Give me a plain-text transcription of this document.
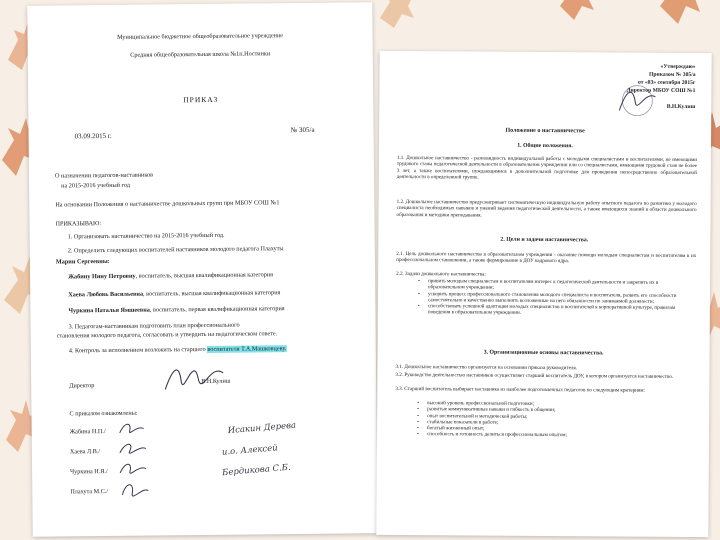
Муниципальное бюджетное общеобразовательное учреждение
Средняя общеобразовательная школа №1п.Ностинки
ПРИКАЗ
03.09.2015 г.
№ 305/а
О назначении педагогов-наставников
на 2015-2016 учебный год
На основании Положения о наставничестве дошкольных групп при МБОУ СОШ №1
ПРИКАЗЫВАЮ:
1. Организовать наставничество на 2015-2016 учебный год.
2. Определить следующих воспитателей наставников молодого педагога Плахуты
Марии Сергеевны:
Жабину Нину Петровну, воспитатель, высшая квалификационная категория
Хаева Любовь Васильевна, воспитатель, высшая квалификационная категория
Чуркина Наталья Ямшеевна, воспитатель, первая квалификационная категория
3. Педагогам-наставникам подготовить план профессионального
становления молодого педагога, согласовать и утвердить на педагогическом совете.
4. Контроль за исполнением возложить на старшего воспитателя Т.А.Машковцеву.
Директор
В.Н.Кулиш
С приказом ознакомлены:
Жабина Н.П./
Хаева Л.В./
Чуркина Н.Я./
Плахута М.С./
Исакин Дерева
и.о. Алексей
Бердикова С.Б.
«Утверждаю»
Приказом № 305/а
от «03» сентября 2015г
Директор МБОУ СОШ №1
В.Н.Кулиш
Положение о наставничестве
1. Общие положения.
1.1. Дошкольное наставничество - разновидность индивидуальной работы с молодыми специалистами и воспитателями, не имеющими трудового стажа педагогической деятельности в образовательном учреждении или со специалистами, имеющими трудовой стаж не более 3 лет, а также воспитателями, нуждающимися в дополнительной подготовке для проведения непосредственно образовательной деятельности в определенной группе.
1.2. Дошкольное наставничество предусматривает систематическую индивидуальную работу опытного педагога по развитию у молодого специалиста необходимых навыков и умений ведения педагогической деятельности, а также имеющихся знаний в области дошкольного образования и методики преподавания.
2. Цели и задачи наставничества.
2.1. Цель дошкольного наставничества в образовательном учреждении - оказание помощи молодым специалистам и воспитателям в их профессиональном становлении, а также формирование в ДОУ кадрового ядра.
2.2. Задачи дошкольного наставничества:
• привить молодым специалистам и воспитателям интерес к педагогической деятельности и закрепить их в образовательном учреждении;
• ускорить процесс профессионального становления молодого специалиста и воспитателя, развить его способности самостоятельно и качественно выполнять возложенные на него обязанности по занимаемой должности;
• способствовать успешной адаптации молодых специалистов и воспитателей к корпоративной культуре, правилам поведения в образовательном учреждении.
3. Организационные основы наставничества.
3.1. Дошкольное наставничество организуется на основании приказа руководителя.
3.2. Руководство деятельностью наставников осуществляет старший воспитатель ДОУ, в котором организуется наставничество.
3.3. Старший воспитатель выбирает наставника из наиболее подготовленных педагогов по следующим критериям:
• высокий уровень профессиональной подготовки;
• развитые коммуникативные навыки и гибкость в общении;
• опыт воспитательной и методической работы;
• стабильные показатели в работе;
• богатый жизненный опыт;
• способность и готовность делиться профессиональным опытом;
